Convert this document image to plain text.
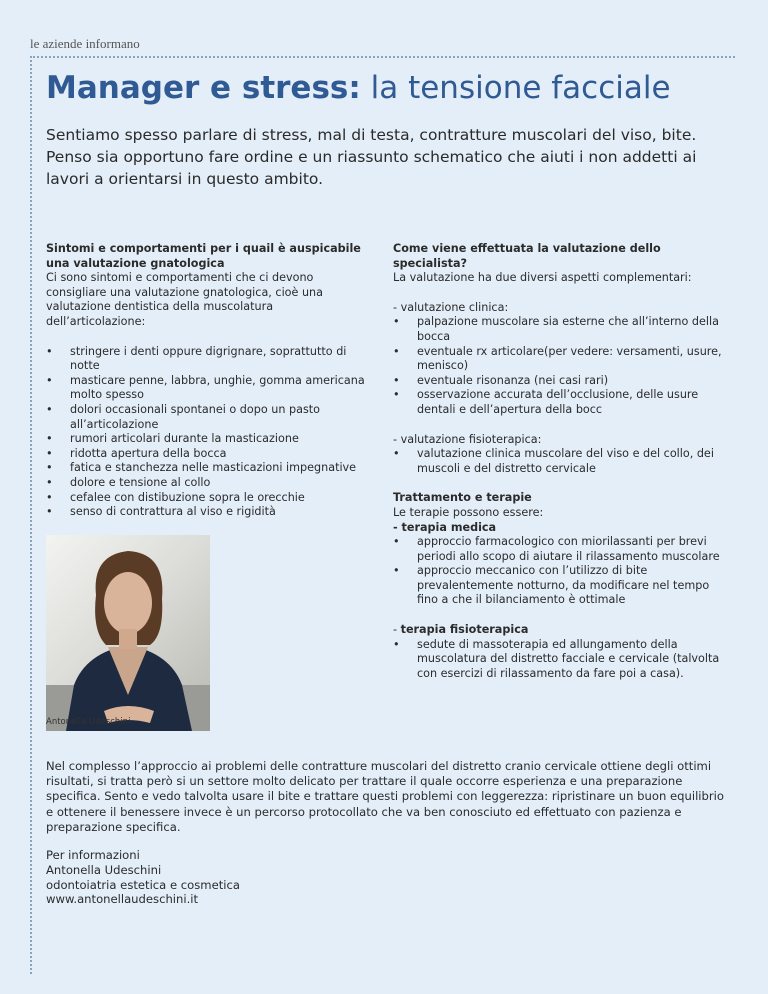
le aziende informano
Manager e stress: la tensione facciale
Sentiamo spesso parlare di stress, mal di testa, contratture muscolari del viso, bite. Penso sia opportuno fare ordine e un riassunto schematico che aiuti i non addetti ai lavori a orientarsi in questo ambito.

Sintomi e comportamenti per i quail è auspicabile una valutazione gnatologica

Ci sono sintomi e comportamenti che ci devono consigliare una valutazione gnatologica, cioè una valutazione dentistica della muscolatura dell’articolazione:

• stringere i denti oppure digrignare, soprattutto di notte
• masticare penne, labbra, unghie, gomma americana molto spesso
• dolori occasionali spontanei o dopo un pasto all’articolazione
• rumori articolari durante la masticazione
• ridotta apertura della bocca
• fatica e stanchezza nelle masticazioni impegnative
• dolore e tensione al collo
• cefalee con distibuzione sopra le orecchie
• senso di contrattura al viso e rigidità
Antonella Udeschini

Come viene effettuata la valutazione dello specialista?

La valutazione ha due diversi aspetti complementari:

- valutazione clinica:

• palpazione muscolare sia esterne che all’interno della bocca
• eventuale rx articolare(per vedere: versamenti, usure, menisco)
• eventuale risonanza (nei casi rari)
• osservazione accurata dell’occlusione, delle usure dentali e dell’apertura della bocc

- valutazione fisioterapica:

• valutazione clinica muscolare del viso e del collo, dei muscoli e del distretto cervicale

Trattamento e terapie

Le terapie possono essere:

- terapia medica

• approccio farmacologico con miorilassanti per brevi periodi allo scopo di aiutare il rilassamento muscolare
• approccio meccanico con l’utilizzo di bite prevalentemente notturno, da modificare nel tempo fino a che il bilanciamento è ottimale

- terapia fisioterapica

• sedute di massoterapia ed allungamento della muscolatura del distretto facciale e cervicale (talvolta con esercizi di rilassamento da fare poi a casa).
Nel complesso l’approccio ai problemi delle contratture muscolari del distretto cranio cervicale ottiene degli ottimi risultati, si tratta però si un settore molto delicato per trattare il quale occorre esperienza e una preparazione specifica. Sento e vedo talvolta usare il bite e trattare questi problemi con leggerezza: ripristinare un buon equilibrio e ottenere il benessere invece è un percorso protocollato che va ben conosciuto ed effettuato con pazienza e preparazione specifica.
Per informazioni
Antonella Udeschini
odontoiatria estetica e cosmetica
www.antonellaudeschini.it
